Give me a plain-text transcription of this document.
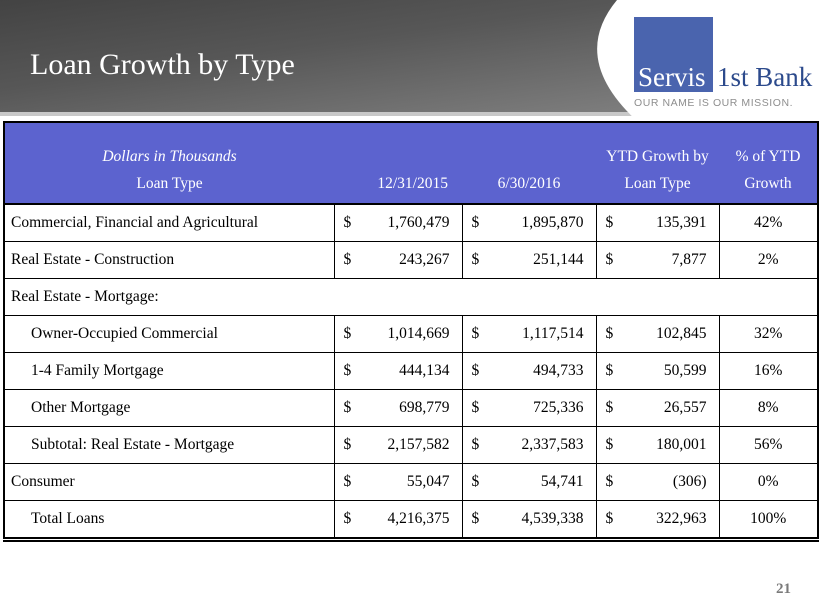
Loan Growth by Type	Servis 1st Bank
OUR NAME IS OUR MISSION.
Dollars in Thousands			YTD Growth by	% of YTD
Loan Type	12/31/2015	6/30/2016	Loan Type	Growth
Commercial, Financial and Agricultural	$ 1,760,479	$ 1,895,870	$ 135,391	42%
Real Estate - Construction	$ 243,267	$ 251,144	$ 7,877	2%
Real Estate - Mortgage:				
Owner-Occupied Commercial	$ 1,014,669	$ 1,117,514	$ 102,845	32%
1-4 Family Mortgage	$ 444,134	$ 494,733	$ 50,599	16%
Other Mortgage	$ 698,779	$ 725,336	$ 26,557	8%
Subtotal: Real Estate - Mortgage	$ 2,157,582	$ 2,337,583	$ 180,001	56%
Consumer	$ 55,047	$ 54,741	$ (306)	0%
Total Loans	$ 4,216,375	$ 4,539,338	$ 322,963	100%
21
